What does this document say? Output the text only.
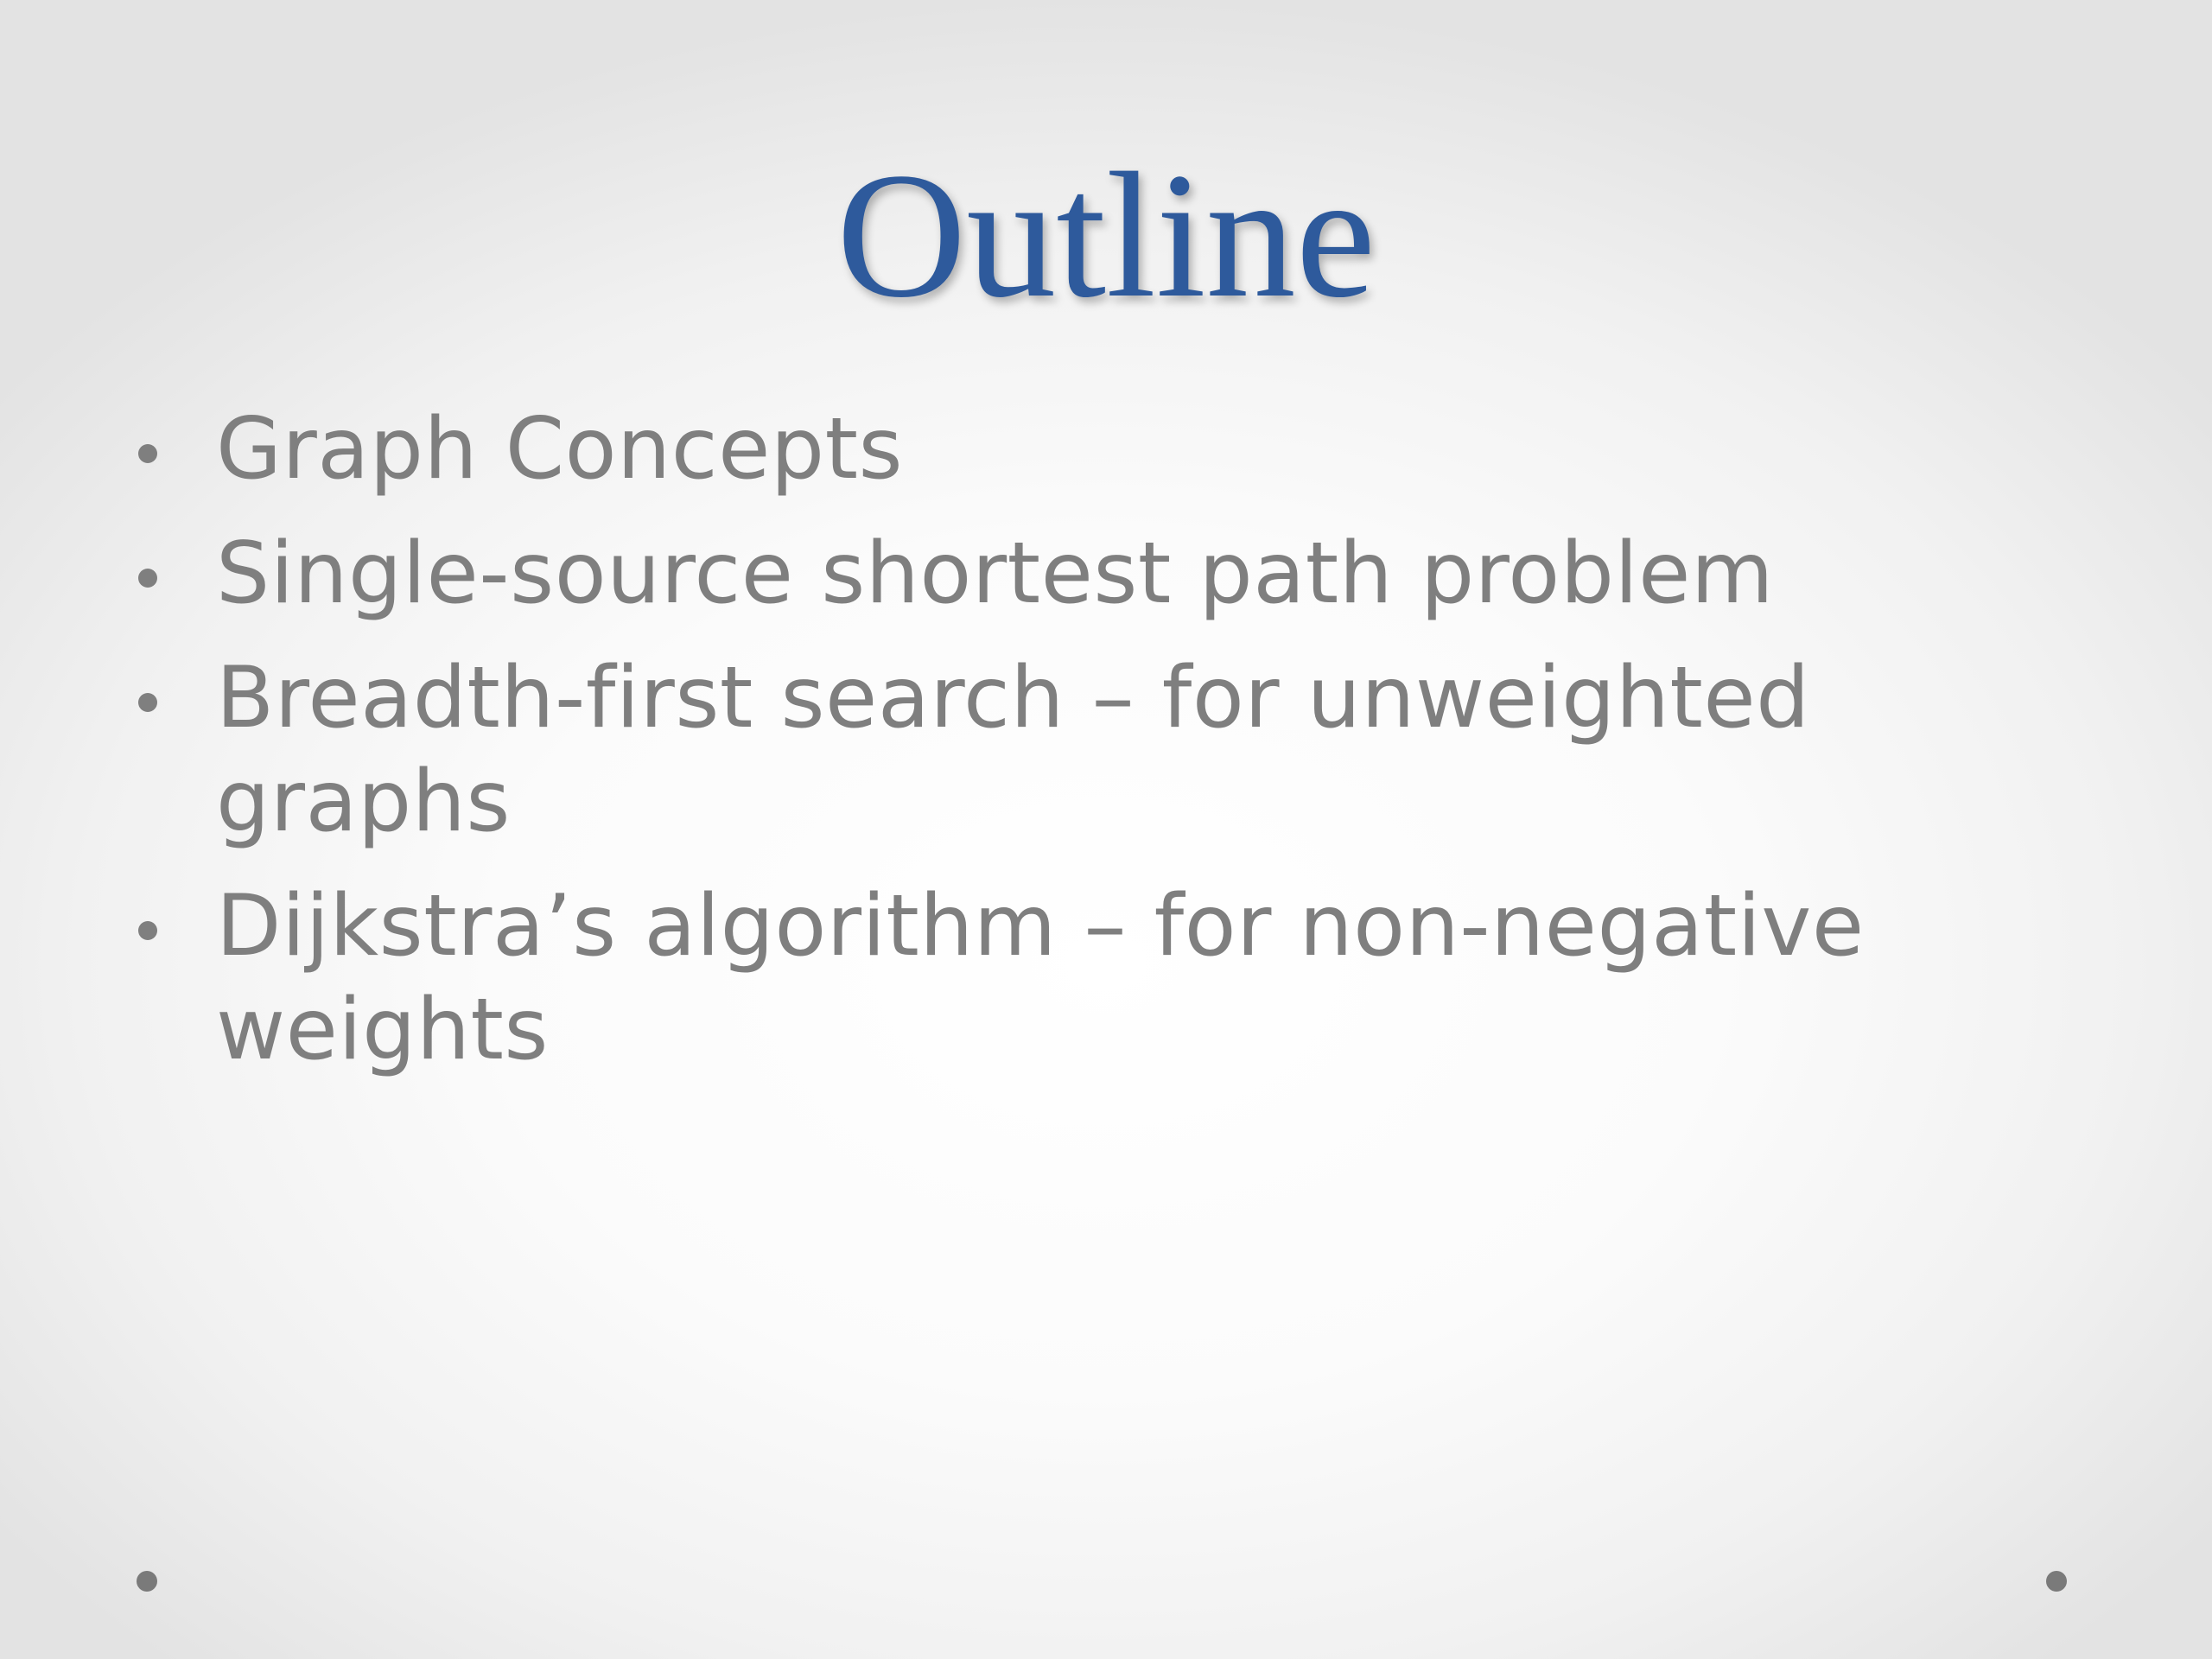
Outline
Graph Concepts
Single-source shortest path problem
Breadth-first search – for unweighted graphs
Dijkstra’s algorithm – for non-negative weights
